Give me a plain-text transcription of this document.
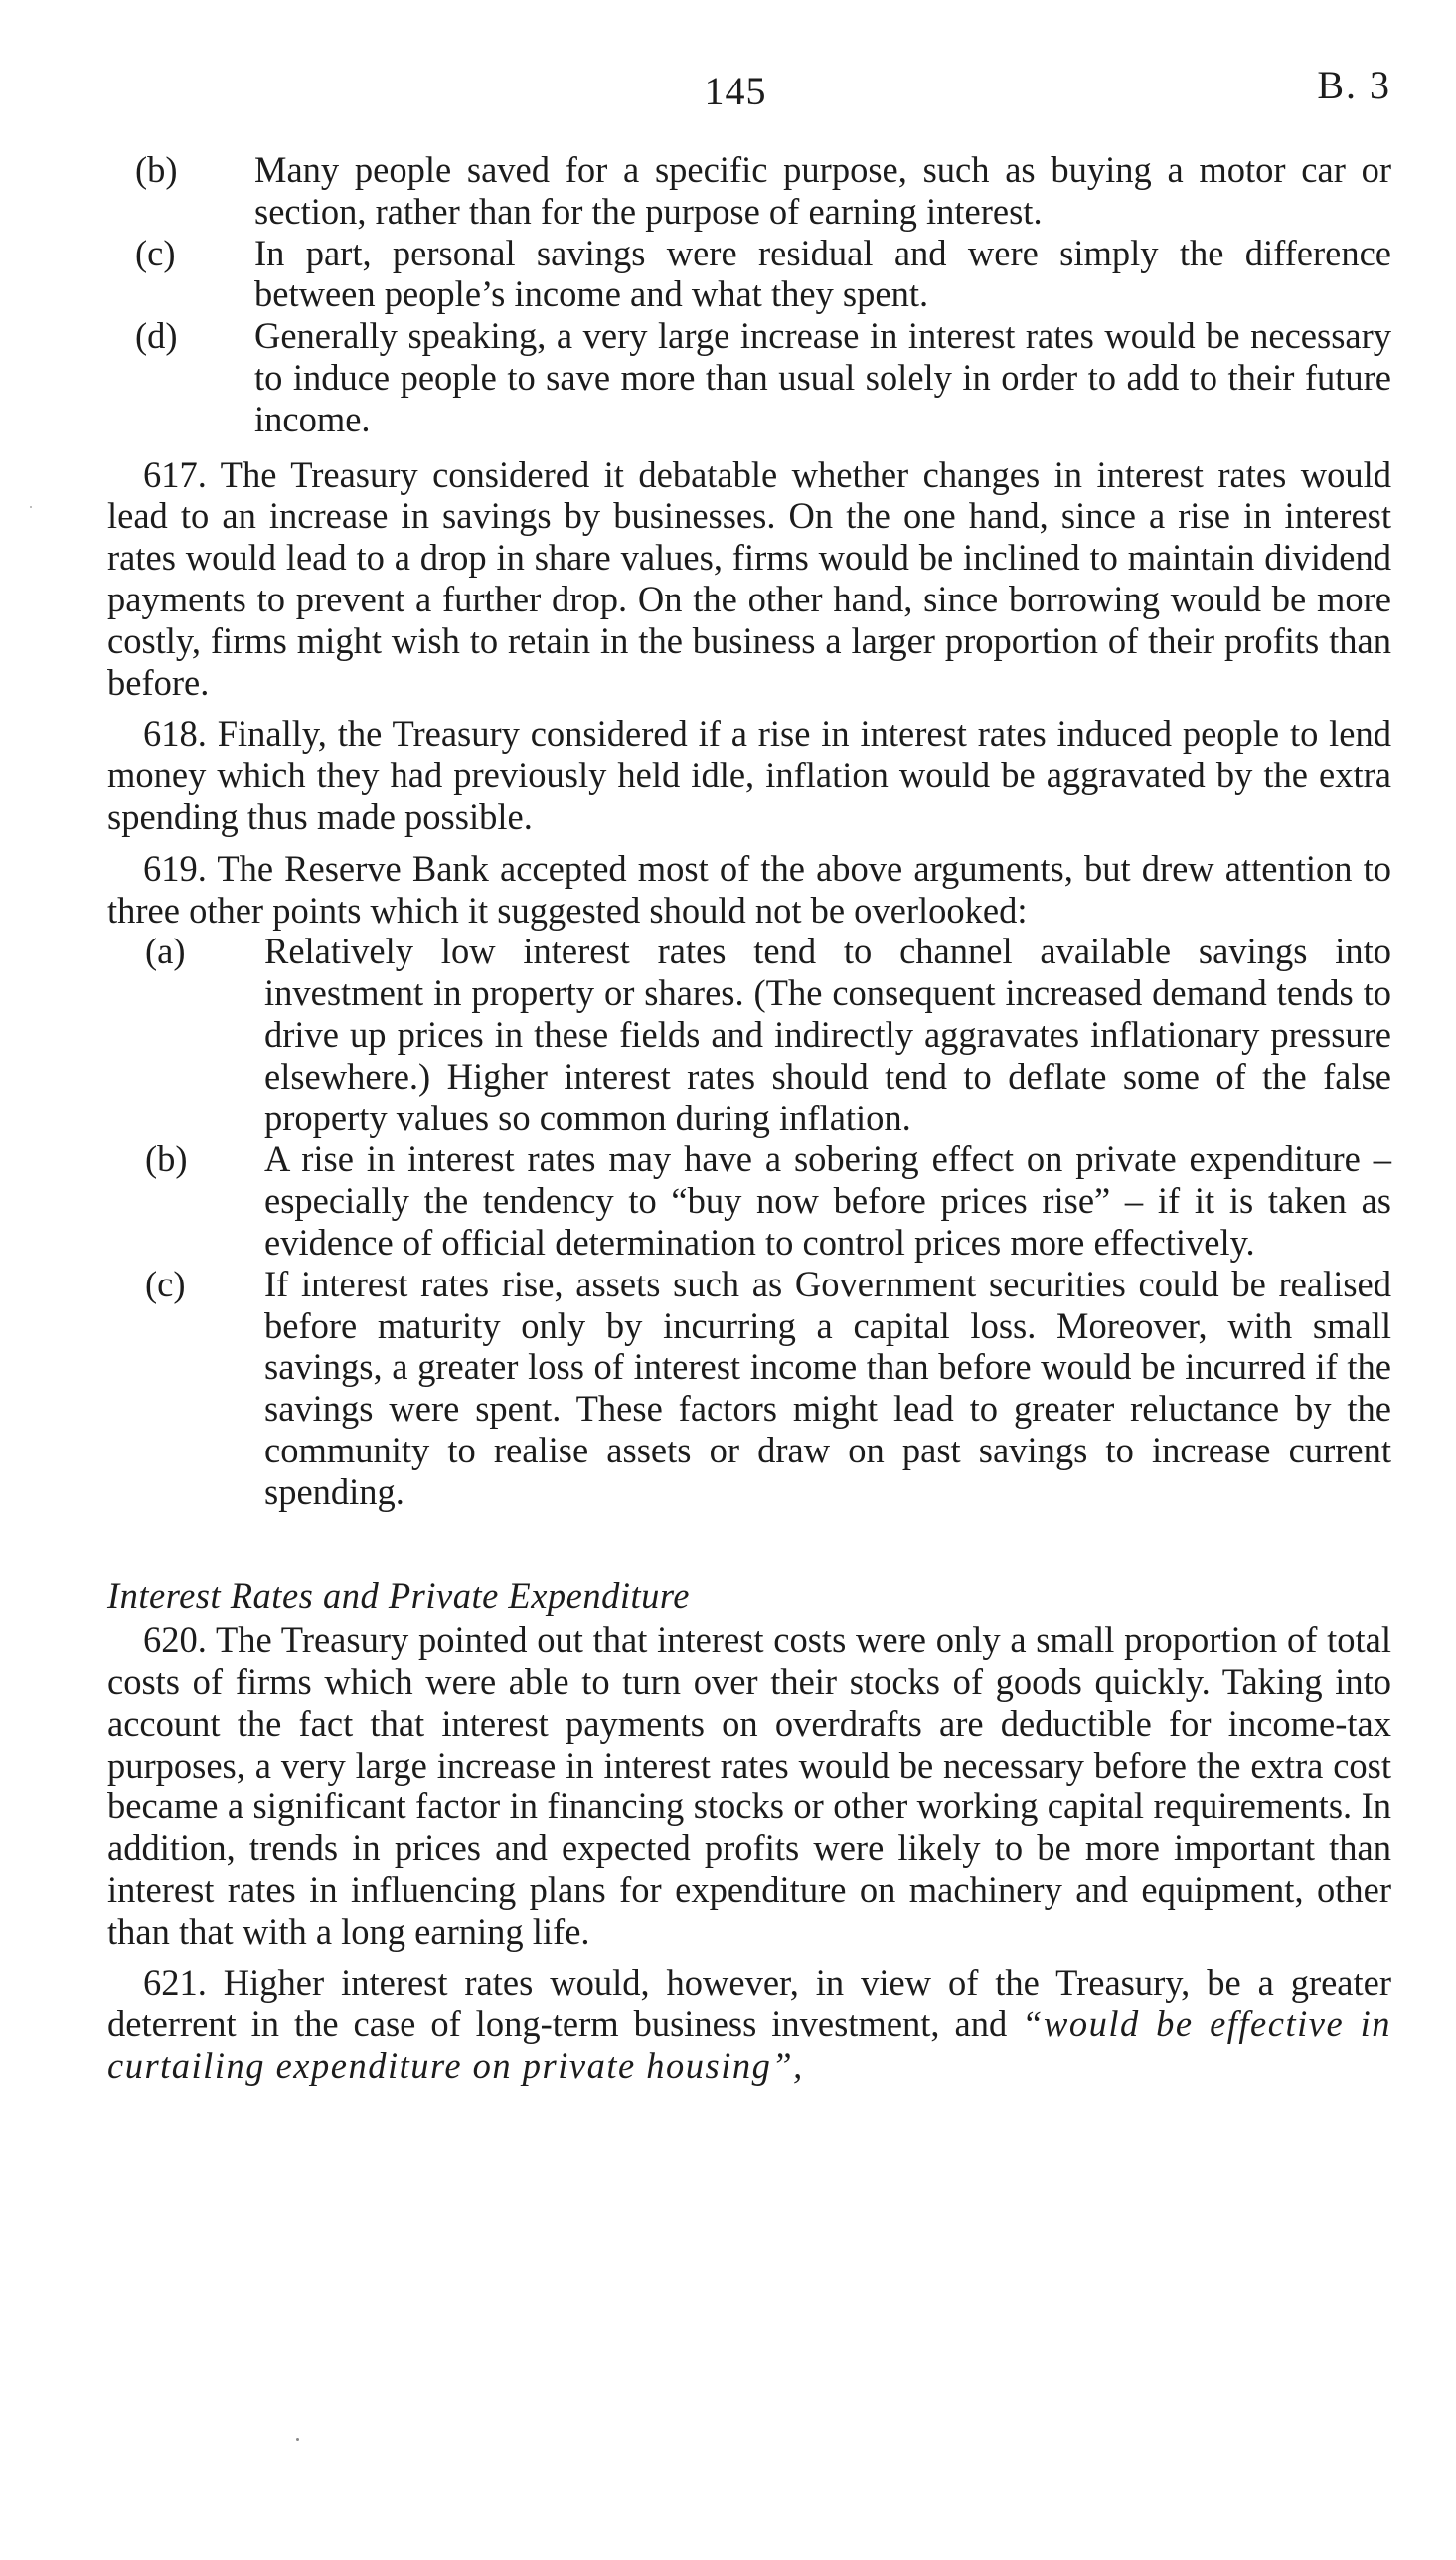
145	B. 3

(b)	Many people saved for a specific purpose, such as buying a motor car or section, rather than for the purpose of earning interest.

(c)	In part, personal savings were residual and were simply the difference between people’s income and what they spent.

(d)	Generally speaking, a very large increase in interest rates would be necessary to induce people to save more than usual solely in order to add to their future income.

617. The Treasury considered it debatable whether changes in interest rates would lead to an increase in savings by businesses. On the one hand, since a rise in interest rates would lead to a drop in share values, firms would be inclined to maintain dividend payments to prevent a further drop. On the other hand, since borrowing would be more costly, firms might wish to retain in the business a larger proportion of their profits than before.

618. Finally, the Treasury considered if a rise in interest rates induced people to lend money which they had previously held idle, inflation would be aggravated by the extra spending thus made possible.

619. The Reserve Bank accepted most of the above arguments, but drew attention to three other points which it suggested should not be overlooked:

(a)	Relatively low interest rates tend to channel available savings into investment in property or shares. (The consequent increased demand tends to drive up prices in these fields and indirectly aggravates inflationary pressure elsewhere.) Higher interest rates should tend to deflate some of the false property values so common during inflation.

(b)	A rise in interest rates may have a sobering effect on private expenditure – especially the tendency to “buy now before prices rise” – if it is taken as evidence of official determination to control prices more effectively.

(c)	If interest rates rise, assets such as Government securities could be realised before maturity only by incurring a capital loss. Moreover, with small savings, a greater loss of interest income than before would be incurred if the savings were spent. These factors might lead to greater reluctance by the community to realise assets or draw on past savings to increase current spending.

Interest Rates and Private Expenditure

620. The Treasury pointed out that interest costs were only a small proportion of total costs of firms which were able to turn over their stocks of goods quickly. Taking into account the fact that interest payments on overdrafts are deductible for income-tax purposes, a very large increase in interest rates would be necessary before the extra cost became a significant factor in financing stocks or other working capital requirements. In addition, trends in prices and expected profits were likely to be more important than interest rates in influencing plans for expenditure on machinery and equipment, other than that with a long earning life.

621. Higher interest rates would, however, in view of the Treasury, be a greater deterrent in the case of long-term business investment, and “would be effective in curtailing expenditure on private housing”,
